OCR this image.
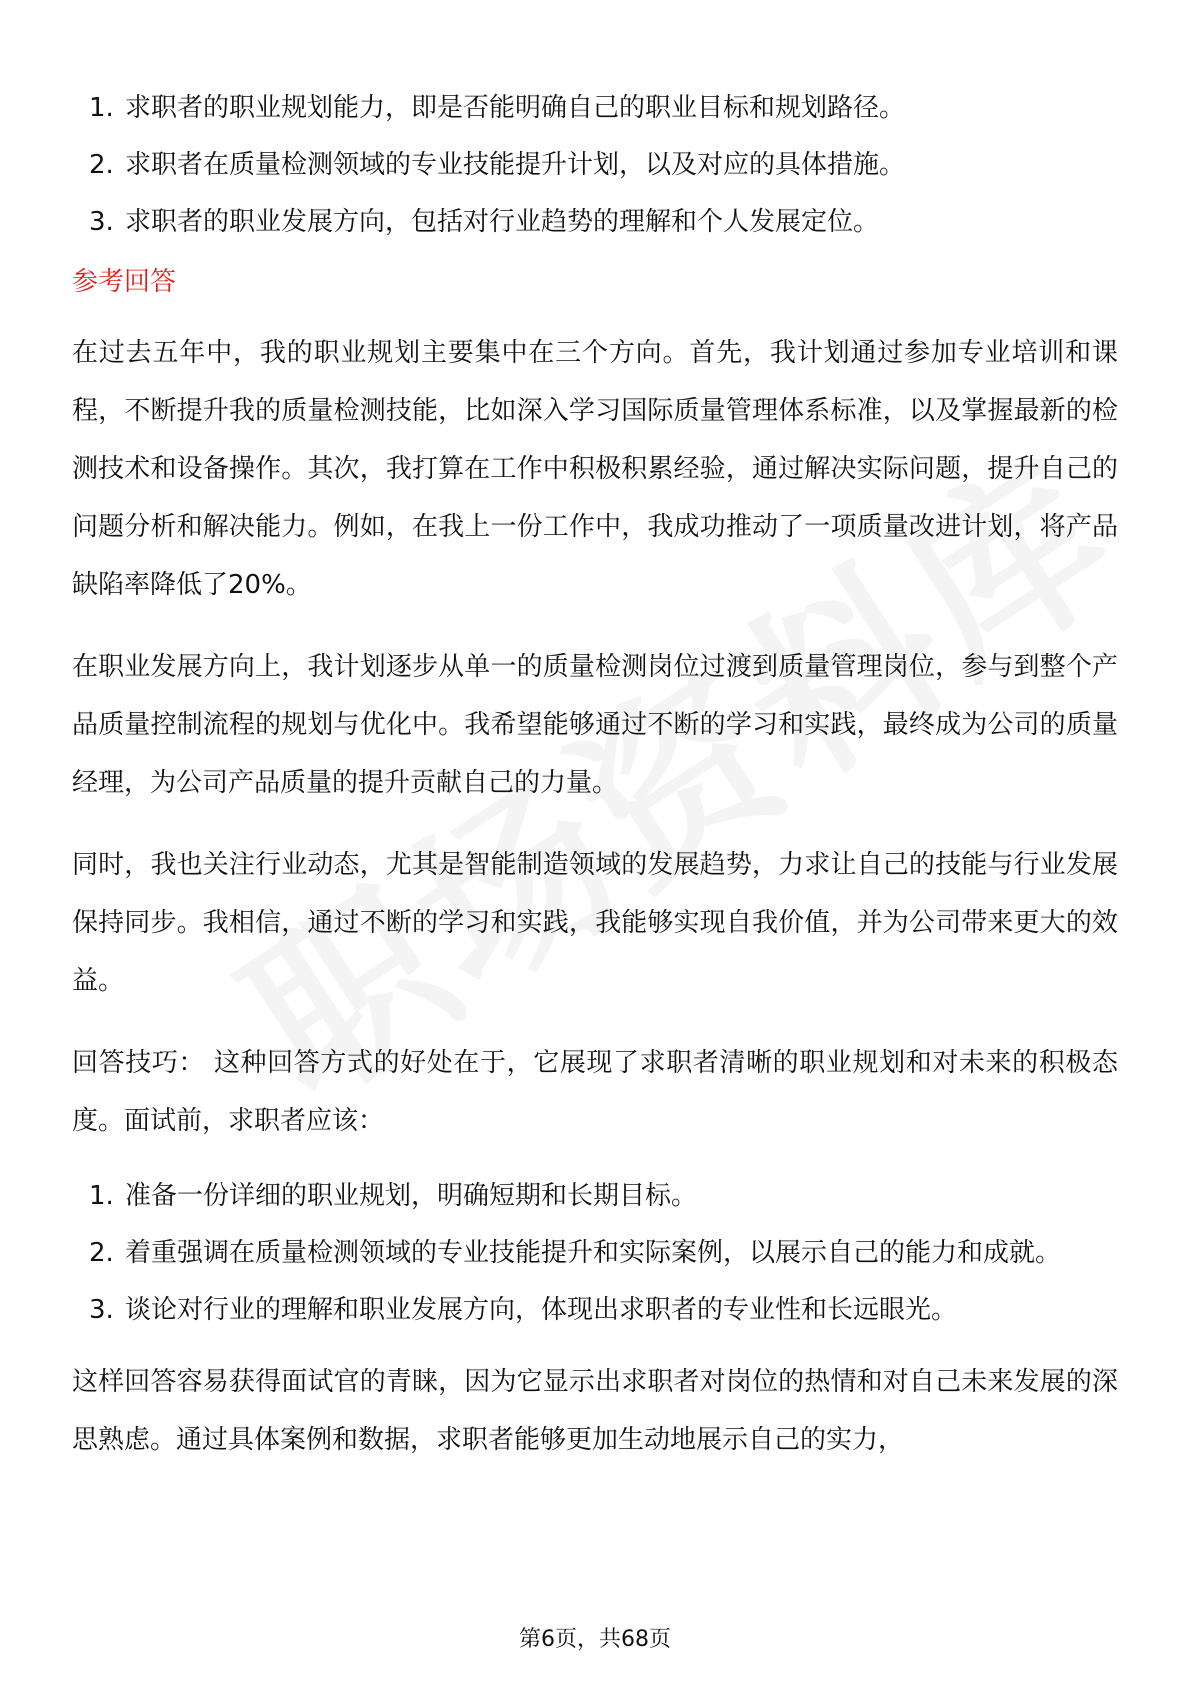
1. 求职者的职业规划能力，即是否能明确自己的职业目标和规划路径。
2. 求职者在质量检测领域的专业技能提升计划，以及对应的具体措施。
3. 求职者的职业发展方向，包括对行业趋势的理解和个人发展定位。
参考回答

在过去五年中，我的职业规划主要集中在三个方向。首先，我计划通过参加专业培训和课程，不断提升我的质量检测技能，比如深入学习国际质量管理体系标准，以及掌握最新的检测技术和设备操作。其次，我打算在工作中积极积累经验，通过解决实际问题，提升自己的问题分析和解决能力。例如，在我上一份工作中，我成功推动了一项质量改进计划，将产品缺陷率降低了20%。

在职业发展方向上，我计划逐步从单一的质量检测岗位过渡到质量管理岗位，参与到整个产品质量控制流程的规划与优化中。我希望能够通过不断的学习和实践，最终成为公司的质量经理，为公司产品质量的提升贡献自己的力量。

同时，我也关注行业动态，尤其是智能制造领域的发展趋势，力求让自己的技能与行业发展保持同步。我相信，通过不断的学习和实践，我能够实现自我价值，并为公司带来更大的效益。

回答技巧： 这种回答方式的好处在于，它展现了求职者清晰的职业规划和对未来的积极态度。面试前，求职者应该：

1. 准备一份详细的职业规划，明确短期和长期目标。
2. 着重强调在质量检测领域的专业技能提升和实际案例，以展示自己的能力和成就。
3. 谈论对行业的理解和职业发展方向，体现出求职者的专业性和长远眼光。

这样回答容易获得面试官的青睐，因为它显示出求职者对岗位的热情和对自己未来发展的深思熟虑。通过具体案例和数据，求职者能够更加生动地展示自己的实力，

第6页，共68页
